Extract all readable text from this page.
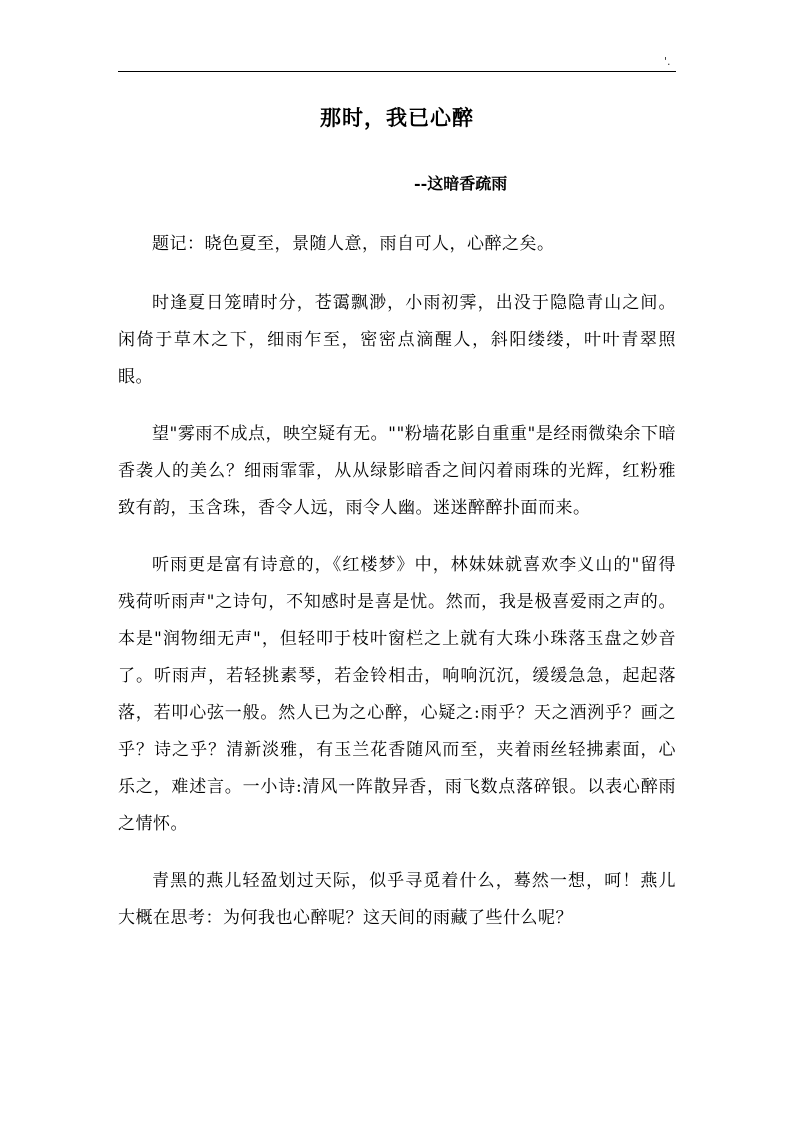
'.
那时，我已心醉
--这暗香疏雨

题记：晓色夏至，景随人意，雨自可人，心醉之矣。

时逢夏日笼晴时分，苍霭飘渺，小雨初霁，出没于隐隐青山之间。闲倚于草木之下，细雨乍至，密密点滴醒人，斜阳缕缕，叶叶青翠照眼。

望"雾雨不成点，映空疑有无。""粉墙花影自重重"是经雨微染余下暗香袭人的美么？细雨霏霏，从从绿影暗香之间闪着雨珠的光辉，红粉雅致有韵，玉含珠，香令人远，雨令人幽。迷迷醉醉扑面而来。

听雨更是富有诗意的，《红楼梦》中，林妹妹就喜欢李义山的"留得残荷听雨声"之诗句，不知感时是喜是忧。然而，我是极喜爱雨之声的。本是"润物细无声"，但轻叩于枝叶窗栏之上就有大珠小珠落玉盘之妙音了。听雨声，若轻挑素琴，若金铃相击，响响沉沉，缓缓急急，起起落落，若叩心弦一般。然人已为之心醉，心疑之:雨乎？天之酒洌乎？画之乎？诗之乎？清新淡雅，有玉兰花香随风而至，夹着雨丝轻拂素面，心乐之，难述言。一小诗:清风一阵散异香，雨飞数点落碎银。以表心醉雨之情怀。

青黑的燕儿轻盈划过天际，似乎寻觅着什么，蓦然一想，呵！燕儿大概在思考：为何我也心醉呢？这天间的雨藏了些什么呢？
